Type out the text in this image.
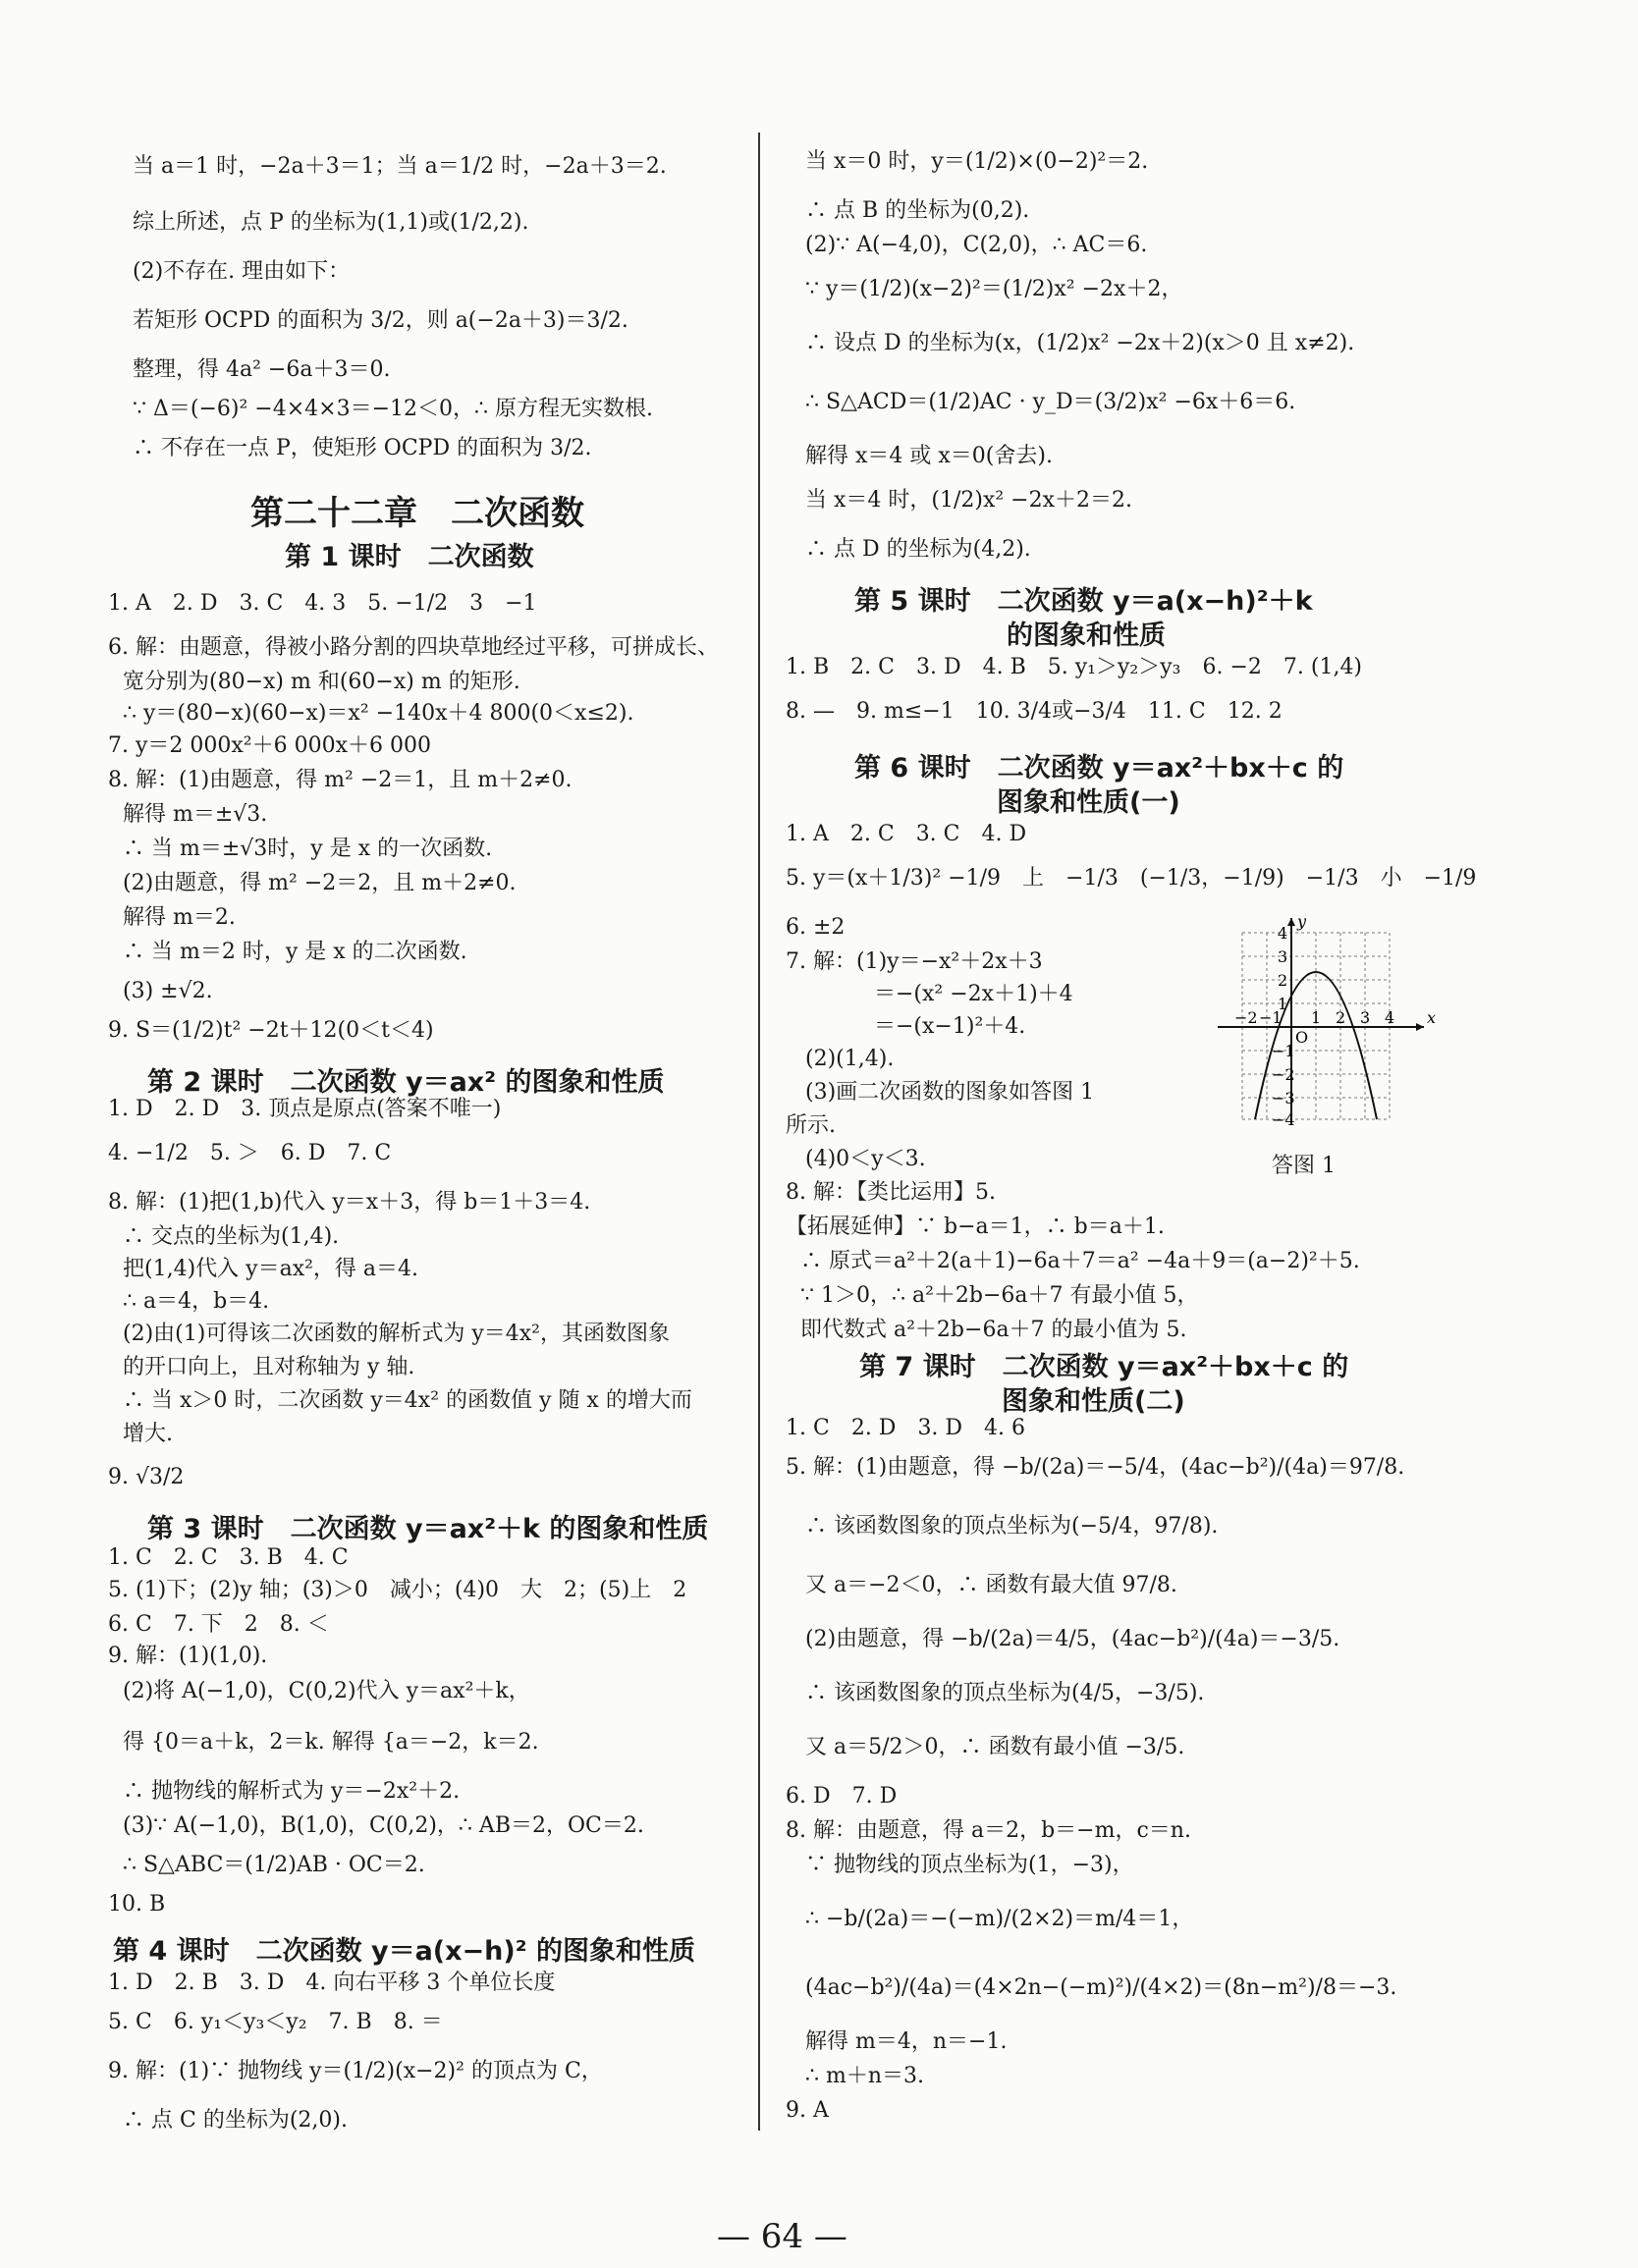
当 a＝1 时，−2a＋3＝1；当 a＝1/2 时，−2a＋3＝2.
综上所述，点 P 的坐标为(1,1)或(1/2,2).
(2)不存在. 理由如下：
若矩形 OCPD 的面积为 3/2，则 a(−2a＋3)＝3/2.
整理，得 4a² −6a＋3＝0.
∵ Δ＝(−6)² −4×4×3＝−12＜0，∴ 原方程无实数根.
∴ 不存在一点 P，使矩形 OCPD 的面积为 3/2.
第二十二章　二次函数
第 1 课时　二次函数
1. A　2. D　3. C　4. 3　5. −1/2　3　−1
6. 解：由题意，得被小路分割的四块草地经过平移，可拼成长、
宽分别为(80−x) m 和(60−x) m 的矩形.
∴ y＝(80−x)(60−x)＝x² −140x＋4 800(0＜x≤2).
7. y＝2 000x²＋6 000x＋6 000
8. 解：(1)由题意，得 m² −2＝1，且 m＋2≠0.
解得 m＝±√3.
∴ 当 m＝±√3时，y 是 x 的一次函数.
(2)由题意，得 m² −2＝2，且 m＋2≠0.
解得 m＝2.
∴ 当 m＝2 时，y 是 x 的二次函数.
(3) ±√2.
9. S＝(1/2)t² −2t＋12(0＜t＜4)
第 2 课时　二次函数 y＝ax² 的图象和性质
1. D　2. D　3. 顶点是原点(答案不唯一)
4. −1/2　5. ＞　6. D　7. C
8. 解：(1)把(1,b)代入 y＝x＋3，得 b＝1＋3＝4.
∴ 交点的坐标为(1,4).
把(1,4)代入 y＝ax²，得 a＝4.
∴ a＝4，b＝4.
(2)由(1)可得该二次函数的解析式为 y＝4x²，其函数图象
的开口向上，且对称轴为 y 轴.
∴ 当 x＞0 时，二次函数 y＝4x² 的函数值 y 随 x 的增大而
增大.
9. √3/2
第 3 课时　二次函数 y＝ax²＋k 的图象和性质
1. C　2. C　3. B　4. C
5. (1)下；(2)y 轴；(3)＞0　减小；(4)0　大　2；(5)上　2
6. C　7. 下　2　8. ＜
9. 解：(1)(1,0).
(2)将 A(−1,0)，C(0,2)代入 y＝ax²＋k，
得 {0＝a＋k，2＝k. 解得 {a＝−2，k＝2.
∴ 抛物线的解析式为 y＝−2x²＋2.
(3)∵ A(−1,0)，B(1,0)，C(0,2)，∴ AB＝2，OC＝2.
∴ S△ABC＝(1/2)AB · OC＝2.
10. B
第 4 课时　二次函数 y＝a(x−h)² 的图象和性质
1. D　2. B　3. D　4. 向右平移 3 个单位长度
5. C　6. y₁＜y₃＜y₂　7. B　8. ＝
9. 解：(1)∵ 抛物线 y＝(1/2)(x−2)² 的顶点为 C，
∴ 点 C 的坐标为(2,0).
当 x＝0 时，y＝(1/2)×(0−2)²＝2.
∴ 点 B 的坐标为(0,2).
(2)∵ A(−4,0)，C(2,0)，∴ AC＝6.
∵ y＝(1/2)(x−2)²＝(1/2)x² −2x＋2，
∴ 设点 D 的坐标为(x，(1/2)x² −2x＋2)(x＞0 且 x≠2).
∴ S△ACD＝(1/2)AC · y_D＝(3/2)x² −6x＋6＝6.
解得 x＝4 或 x＝0(舍去).
当 x＝4 时，(1/2)x² −2x＋2＝2.
∴ 点 D 的坐标为(4,2).
第 5 课时　二次函数 y＝a(x−h)²＋k
的图象和性质
1. B　2. C　3. D　4. B　5. y₁＞y₂＞y₃　6. −2　7. (1,4)
8. —　9. m≤−1　10. 3/4或−3/4　11. C　12. 2
第 6 课时　二次函数 y＝ax²＋bx＋c 的
图象和性质(一)
1. A　2. C　3. C　4. D
5. y＝(x＋1/3)² −1/9　上　−1/3　(−1/3，−1/9)　−1/3　小　−1/9
6. ±2
7. 解：(1)y＝−x²＋2x＋3
＝−(x² −2x＋1)＋4
＝−(x−1)²＋4.
(2)(1,4).
(3)画二次函数的图象如答图 1
所示.
(4)0＜y＜3.
8. 解：【类比运用】5.
【拓展延伸】∵ b−a＝1，∴ b＝a＋1.
∴ 原式＝a²＋2(a＋1)−6a＋7＝a² −4a＋9＝(a−2)²＋5.
∵ 1＞0，∴ a²＋2b−6a＋7 有最小值 5，
即代数式 a²＋2b−6a＋7 的最小值为 5.
第 7 课时　二次函数 y＝ax²＋bx＋c 的
图象和性质(二)
1. C　2. D　3. D　4. 6
5. 解：(1)由题意，得 −b/(2a)＝−5/4，(4ac−b²)/(4a)＝97/8.
∴ 该函数图象的顶点坐标为(−5/4，97/8).
又 a＝−2＜0，∴ 函数有最大值 97/8.
(2)由题意，得 −b/(2a)＝4/5，(4ac−b²)/(4a)＝−3/5.
∴ 该函数图象的顶点坐标为(4/5，−3/5).
又 a＝5/2＞0，∴ 函数有最小值 −3/5.
6. D　7. D
8. 解：由题意，得 a＝2，b＝−m，c＝n.
∵ 抛物线的顶点坐标为(1，−3)，
∴ −b/(2a)＝−(−m)/(2×2)＝m/4＝1，
(4ac−b²)/(4a)＝(4×2n−(−m)²)/(4×2)＝(8n−m²)/8＝−3.
解得 m＝4，n＝−1.
∴ m＋n＝3.
9. A
x
y
O
−2 −1 1 2 3 4
4
3
2
1
−1
−2
−3
−4
答图 1
— 64 —
